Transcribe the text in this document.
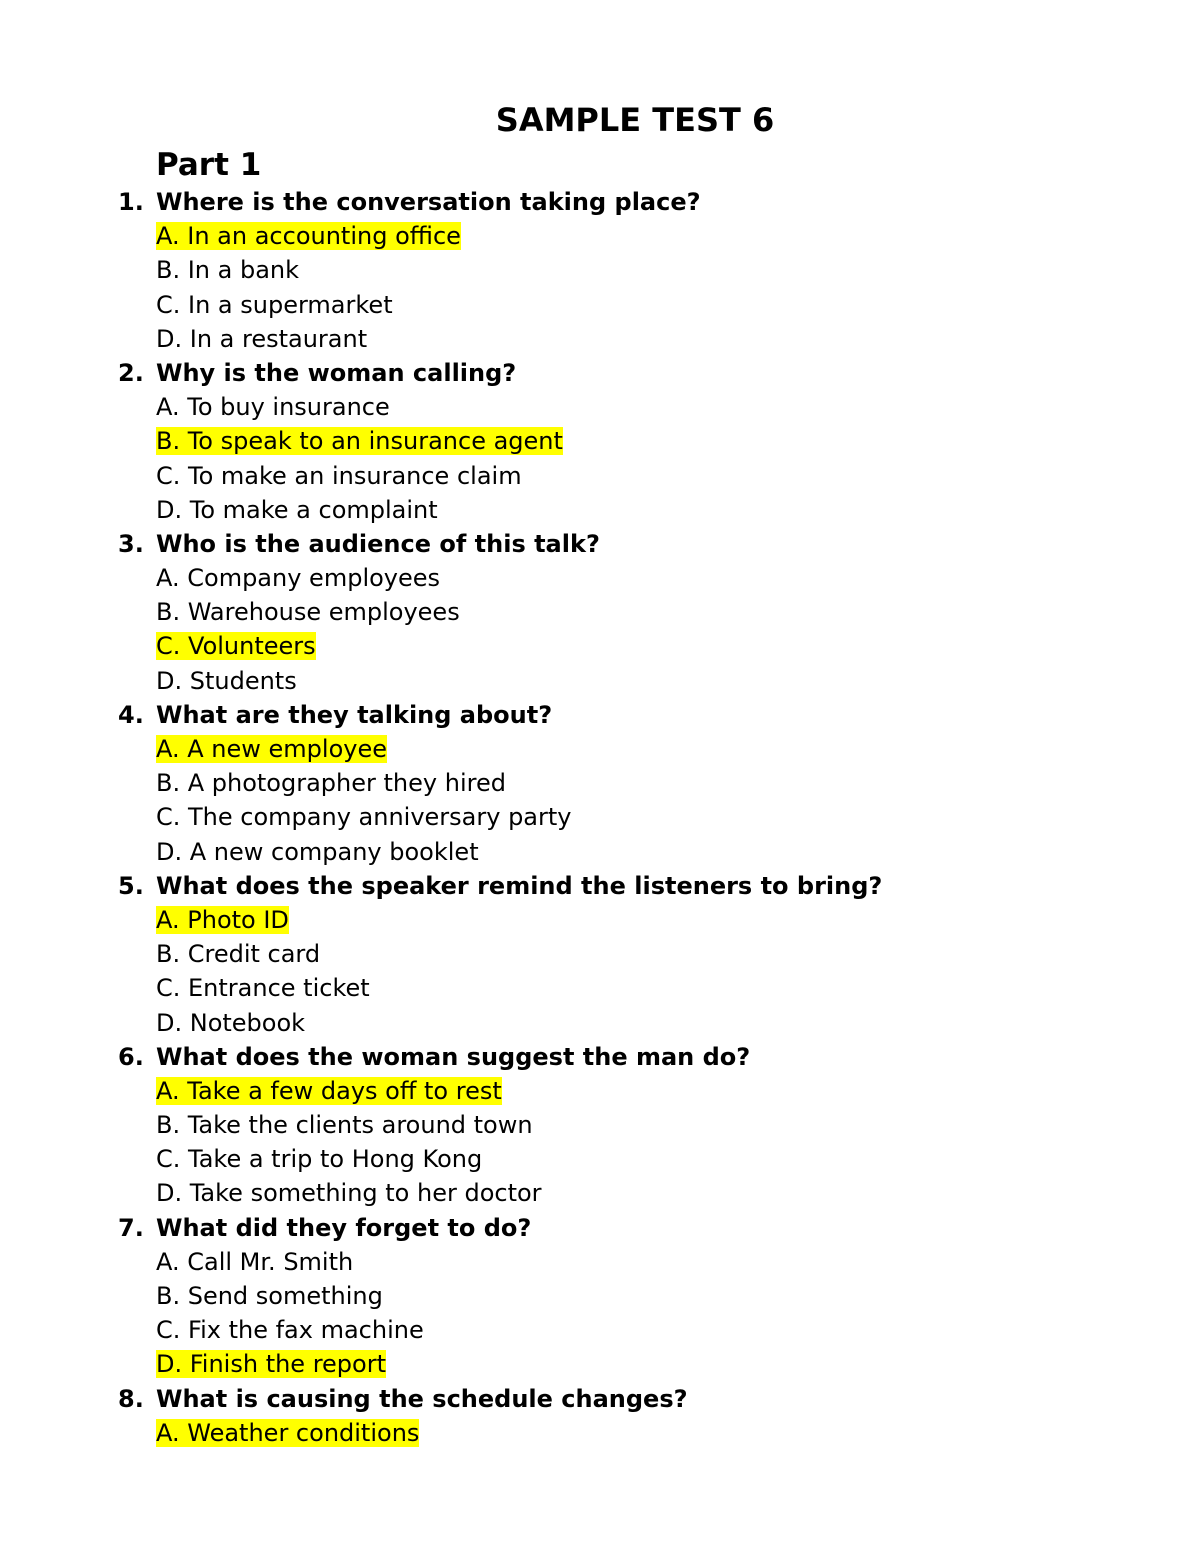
SAMPLE TEST 6
Part 1
1. Where is the conversation taking place?
A. In an accounting office
B. In a bank
C. In a supermarket
D. In a restaurant
2. Why is the woman calling?
A. To buy insurance
B. To speak to an insurance agent
C. To make an insurance claim
D. To make a complaint
3. Who is the audience of this talk?
A. Company employees
B. Warehouse employees
C. Volunteers
D. Students
4. What are they talking about?
A. A new employee
B. A photographer they hired
C. The company anniversary party
D. A new company booklet
5. What does the speaker remind the listeners to bring?
A. Photo ID
B. Credit card
C. Entrance ticket
D. Notebook
6. What does the woman suggest the man do?
A. Take a few days off to rest
B. Take the clients around town
C. Take a trip to Hong Kong
D. Take something to her doctor
7. What did they forget to do?
A. Call Mr. Smith
B. Send something
C. Fix the fax machine
D. Finish the report
8. What is causing the schedule changes?
A. Weather conditions
